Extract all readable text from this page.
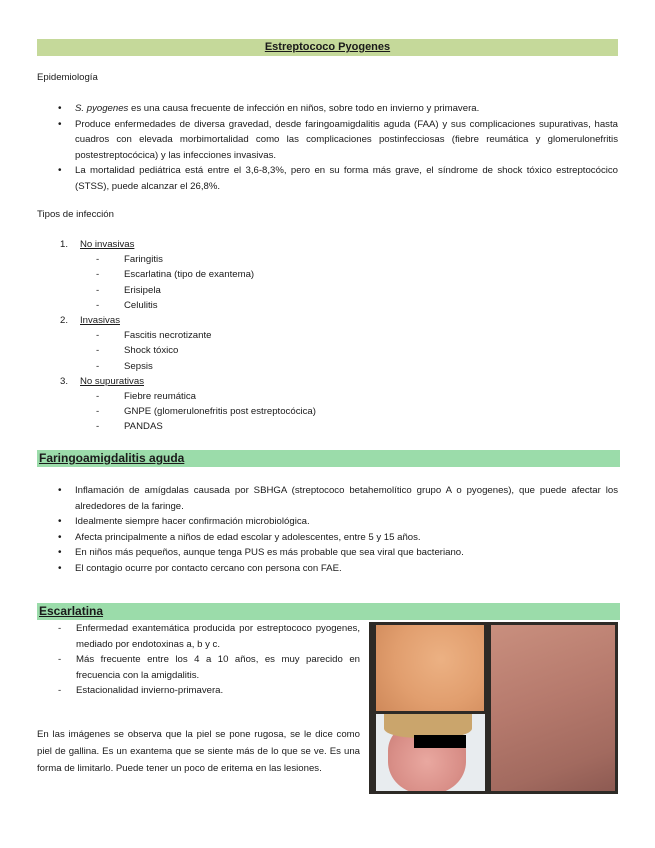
Estreptococo Pyogenes
Epidemiología
• S. pyogenes es una causa frecuente de infección en niños, sobre todo en invierno y primavera.
• Produce enfermedades de diversa gravedad, desde faringoamigdalitis aguda (FAA) y sus complicaciones supurativas, hasta cuadros con elevada morbimortalidad como las complicaciones postinfecciosas (fiebre reumática y glomerulonefritis postestreptocócica) y las infecciones invasivas.
• La mortalidad pediátrica está entre el 3,6-8,3%, pero en su forma más grave, el síndrome de shock tóxico estreptocócico (STSS), puede alcanzar el 26,8%.
Tipos de infección
1. No invasivas
-	Faringitis
-	Escarlatina (tipo de exantema)
-	Erisipela
-	Celulitis
2. Invasivas
-	Fascitis necrotizante
-	Shock tóxico
-	Sepsis
3. No supurativas
-	Fiebre reumática
-	GNPE (glomerulonefritis post estreptocócica)
-	PANDAS
Faringoamigdalitis aguda
• Inflamación de amígdalas causada por SBHGA (streptococo betahemolítico grupo A o pyogenes), que puede afectar los alrededores de la faringe.
• Idealmente siempre hacer confirmación microbiológica.
• Afecta principalmente a niños de edad escolar y adolescentes, entre 5 y 15 años.
• En niños más pequeños, aunque tenga PUS es más probable que sea viral que bacteriano.
• El contagio ocurre por contacto cercano con persona con FAE.
Escarlatina
- Enfermedad exantemática producida por estreptococo pyogenes, mediado por endotoxinas a, b y c.
- Más frecuente entre los 4 a 10 años, es muy parecido en frecuencia con la amigdalitis.
- Estacionalidad invierno-primavera.
En las imágenes se observa que la piel se pone rugosa, se le dice como piel de gallina. Es un exantema que se siente más de lo que se ve. Es una forma de limitarlo. Puede tener un poco de eritema en las lesiones.
